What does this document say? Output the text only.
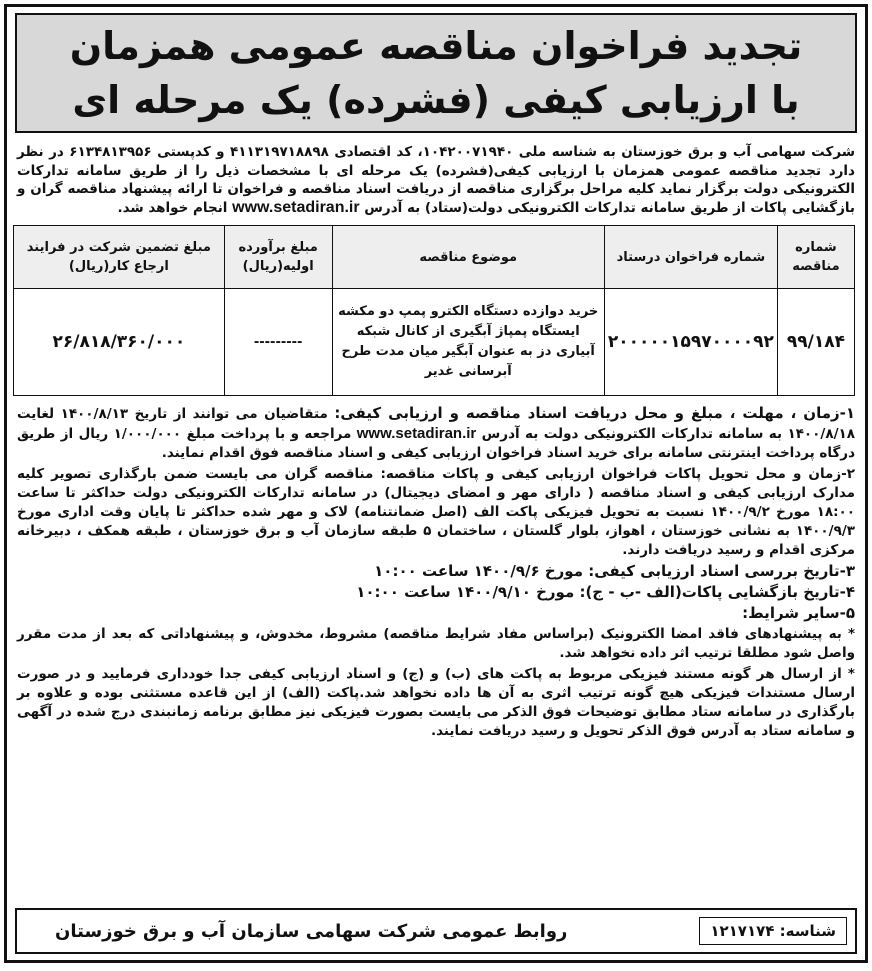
تجدید فراخوان مناقصه عمومی همزمان
با ارزیابی کیفی (فشرده) یک مرحله ای
شرکت سهامی آب و برق خوزستان به شناسه ملی ۱۰۴۲۰۰۷۱۹۴۰، کد اقتصادی ۴۱۱۳۱۹۷۱۸۸۹۸ و کدپستی ۶۱۳۴۸۱۳۹۵۶ در نظر دارد تجدید مناقصه عمومی همزمان با ارزیابی کیفی(فشرده) یک مرحله ای با مشخصات ذیل را از طریق سامانه تدارکات الکترونیکی دولت برگزار نماید کلیه مراحل برگزاری مناقصه از دریافت اسناد مناقصه و فراخوان تا ارائه پیشنهاد مناقصه گران و بازگشایی پاکات از طریق سامانه تدارکات الکترونیکی دولت(ستاد) به آدرس www.setadiran.ir انجام خواهد شد.
شماره مناقصه	شماره فراخوان درستاد	موضوع مناقصه	مبلغ برآورده اولیه(ریال)	مبلغ تضمین شرکت در فرایند ارجاع کار(ریال)
۹۹/۱۸۴	۲۰۰۰۰۰۱۵۹۷۰۰۰۰۹۲	خرید دوازده دستگاه الکترو پمپ دو مکشه ایستگاه پمپاژ آبگیری از کانال شبکه آبیاری دز به عنوان آبگیر میان مدت طرح آبرسانی غدیر	---------	۲۶/۸۱۸/۳۶۰/۰۰۰

۱-زمان ، مهلت ، مبلغ و محل دریافت اسناد مناقصه و ارزیابی کیفی: متقاضیان می توانند از تاریخ ۱۴۰۰/۸/۱۳ لغایت ۱۴۰۰/۸/۱۸ به سامانه تدارکات الکترونیکی دولت به آدرس www.setadiran.ir مراجعه و با پرداخت مبلغ ۱/۰۰۰/۰۰۰ ریال از طریق درگاه پرداخت اینترنتی سامانه برای خرید اسناد فراخوان ارزیابی کیفی و اسناد مناقصه فوق اقدام نمایند.

۲-زمان و محل تحویل پاکات فراخوان ارزیابی کیفی و پاکات مناقصه: مناقصه گران می بایست ضمن بارگذاری تصویر کلیه مدارک ارزیابی کیفی و اسناد مناقصه ( دارای مهر و امضای دیجیتال) در سامانه تدارکات الکترونیکی دولت حداکثر تا ساعت ۱۸:۰۰ مورخ ۱۴۰۰/۹/۲ نسبت به تحویل فیزیکی پاکت الف (اصل ضمانتنامه) لاک و مهر شده حداکثر تا پایان وقت اداری مورخ ۱۴۰۰/۹/۳ به نشانی خوزستان ، اهواز، بلوار گلستان ، ساختمان ۵ طبقه سازمان آب و برق خوزستان ، طبقه همکف ، دبیرخانه مرکزی اقدام و رسید دریافت دارند.

۳-تاریخ بررسی اسناد ارزیابی کیفی: مورخ ۱۴۰۰/۹/۶ ساعت ۱۰:۰۰

۴-تاریخ بازگشایی پاکات(الف -ب - ج): مورخ ۱۴۰۰/۹/۱۰ ساعت ۱۰:۰۰

۵-سایر شرایط:

* به پیشنهادهای فاقد امضا الکترونیک (براساس مفاد شرایط مناقصه) مشروط، مخدوش، و پیشنهاداتی که بعد از مدت مقرر واصل شود مطلقا ترتیب اثر داده نخواهد شد.

* از ارسال هر گونه مستند فیزیکی مربوط به پاکت های (ب) و (ج) و اسناد ارزیابی کیفی جدا خودداری فرمایید و در صورت ارسال مستندات فیزیکی هیچ گونه ترتیب اثری به آن ها داده نخواهد شد.پاکت (الف) از این قاعده مستثنی بوده و علاوه بر بارگذاری در سامانه ستاد مطابق توضیحات فوق الذکر می بایست بصورت فیزیکی نیز مطابق برنامه زمانبندی درج شده در آگهی و سامانه ستاد به آدرس فوق الذکر تحویل و رسید دریافت نمایند.

شناسه: ۱۲۱۷۱۷۴
روابط عمومی شرکت سهامی سازمان آب و برق خوزستان
